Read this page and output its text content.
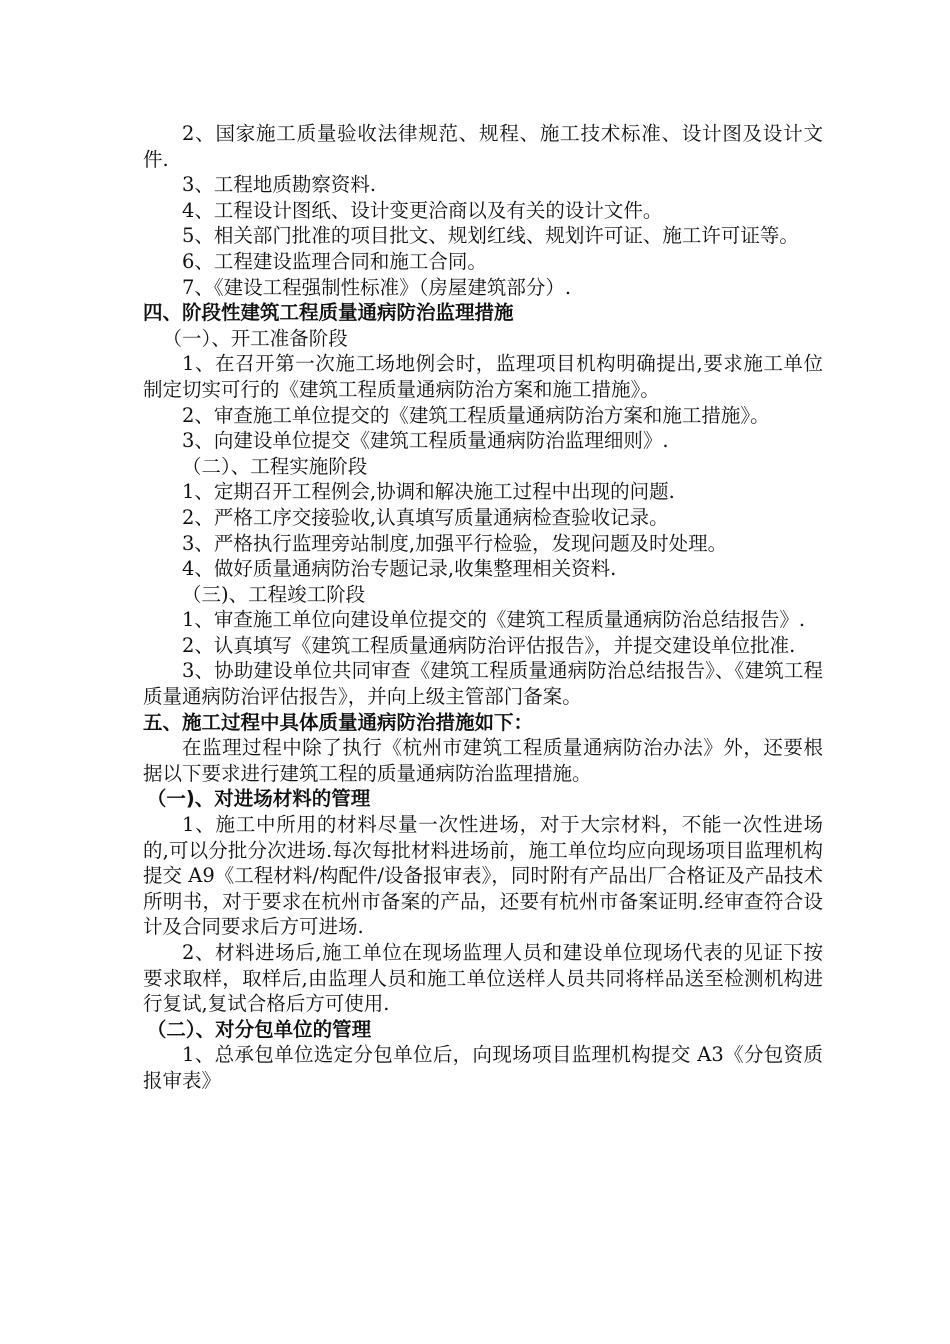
2、国家施工质量验收法律规范、规程、施工技术标准、设计图及设计文件.

3、工程地质勘察资料.

4、工程设计图纸、设计变更洽商以及有关的设计文件。

5、相关部门批准的项目批文、规划红线、规划许可证、施工许可证等。

6、工程建设监理合同和施工合同。

7、《建设工程强制性标准》（房屋建筑部分）.

四、阶段性建筑工程质量通病防治监理措施

（一）、开工准备阶段

1、在召开第一次施工场地例会时，监理项目机构明确提出,要求施工单位制定切实可行的《建筑工程质量通病防治方案和施工措施》。

2、审查施工单位提交的《建筑工程质量通病防治方案和施工措施》。

3、向建设单位提交《建筑工程质量通病防治监理细则》.

（二）、工程实施阶段

1、定期召开工程例会,协调和解决施工过程中出现的问题.

2、严格工序交接验收,认真填写质量通病检查验收记录。

3、严格执行监理旁站制度,加强平行检验，发现问题及时处理。

4、做好质量通病防治专题记录,收集整理相关资料.

（三)、工程竣工阶段

1、审查施工单位向建设单位提交的《建筑工程质量通病防治总结报告》.

2、认真填写《建筑工程质量通病防治评估报告》，并提交建设单位批准.

3、协助建设单位共同审查《建筑工程质量通病防治总结报告》、《建筑工程质量通病防治评估报告》，并向上级主管部门备案。

五、施工过程中具体质量通病防治措施如下：

在监理过程中除了执行《杭州市建筑工程质量通病防治办法》外，还要根据以下要求进行建筑工程的质量通病防治监理措施。

（一)、对进场材料的管理

1、施工中所用的材料尽量一次性进场，对于大宗材料，不能一次性进场的,可以分批分次进场.每次每批材料进场前，施工单位均应向现场项目监理机构提交 A9《工程材料/构配件/设备报审表》，同时附有产品出厂合格证及产品技术所明书，对于要求在杭州市备案的产品，还要有杭州市备案证明.经审查符合设计及合同要求后方可进场.

2、材料进场后,施工单位在现场监理人员和建设单位现场代表的见证下按要求取样，取样后,由监理人员和施工单位送样人员共同将样品送至检测机构进行复试,复试合格后方可使用.

（二）、对分包单位的管理

1、总承包单位选定分包单位后，向现场项目监理机构提交 A3《分包资质报审表》
